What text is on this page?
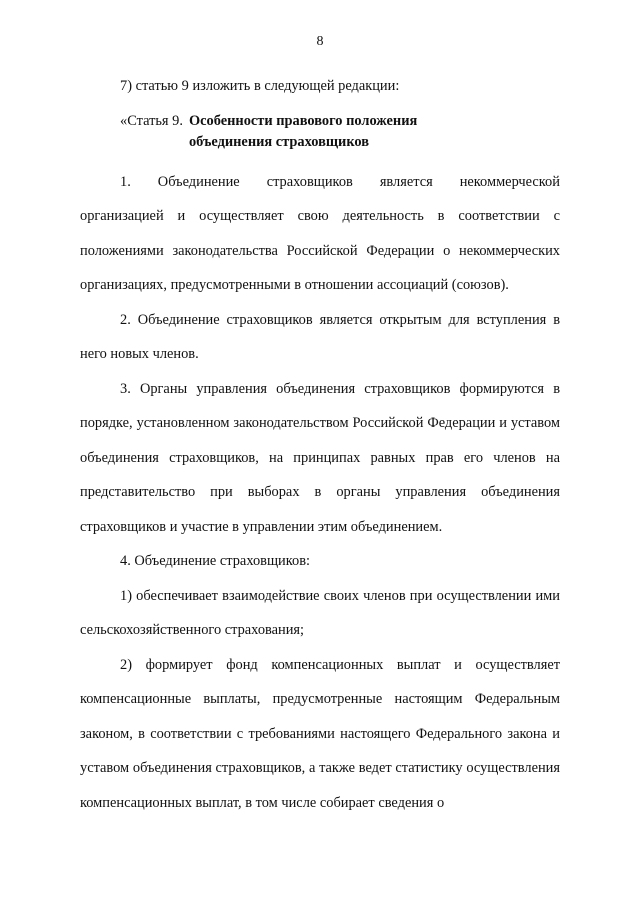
8

7) статью 9 изложить в следующей редакции:

«Статья 9. Особенности правового положения объединения страховщиков
1. Объединение страховщиков является некоммерческой

организацией и осуществляет свою деятельность в соответствии с положениями законодательства Российской Федерации о некоммерческих организациях, предусмотренными в отношении ассоциаций (союзов).

2. Объединение страховщиков является открытым для вступления в него новых членов.

3. Органы управления объединения страховщиков формируются в порядке, установленном законодательством Российской Федерации и уставом объединения страховщиков, на принципах равных прав его членов на представительство при выборах в органы управления объединения страховщиков и участие в управлении этим объединением.

4. Объединение страховщиков:

1) обеспечивает взаимодействие своих членов при осуществлении ими сельскохозяйственного страхования;

2) формирует фонд компенсационных выплат и осуществляет компенсационные выплаты, предусмотренные настоящим Федеральным законом, в соответствии с требованиями настоящего Федерального закона и уставом объединения страховщиков, а также ведет статистику осуществления компенсационных выплат, в том числе собирает сведения о
